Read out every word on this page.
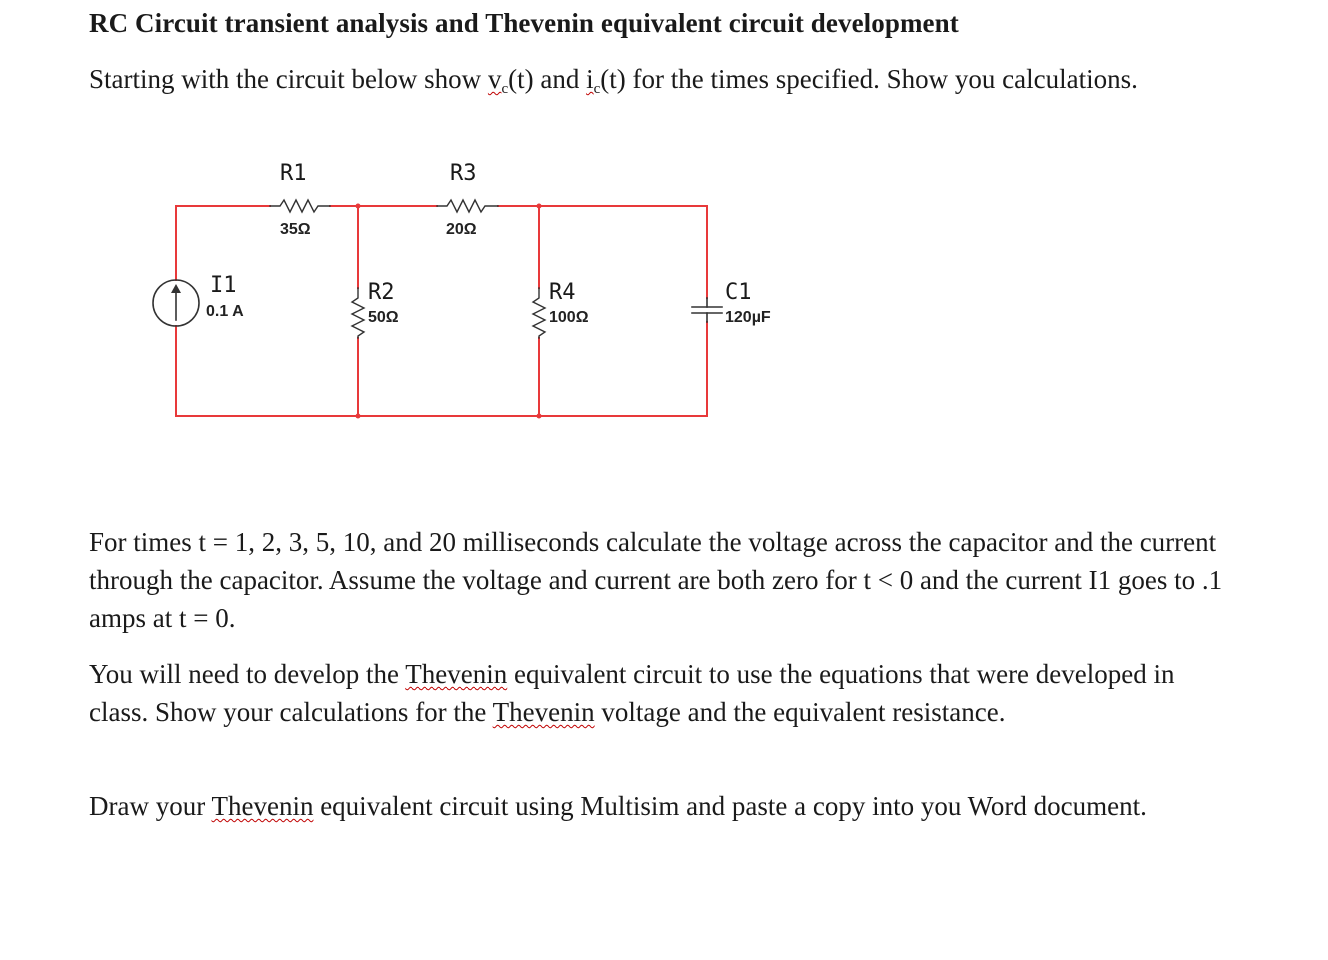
RC Circuit transient analysis and Thevenin equivalent circuit development
Starting with the circuit below show $v_c(t)$ and $i_c(t)$ for the times specified. Show you calculations.
R1
35Ω
R3
20Ω
R2
50Ω
R4
100Ω
C1
120µF
I1
0.1 A
For times t = 1, 2, 3, 5, 10, and 20 milliseconds calculate the voltage across the capacitor and the current through the capacitor. Assume the voltage and current are both zero for t < 0 and the current I1 goes to .1 amps at t = 0.
You will need to develop the Thevenin equivalent circuit to use the equations that were developed in class. Show your calculations for the Thevenin voltage and the equivalent resistance.
Draw your Thevenin equivalent circuit using Multisim and paste a copy into you Word document.
